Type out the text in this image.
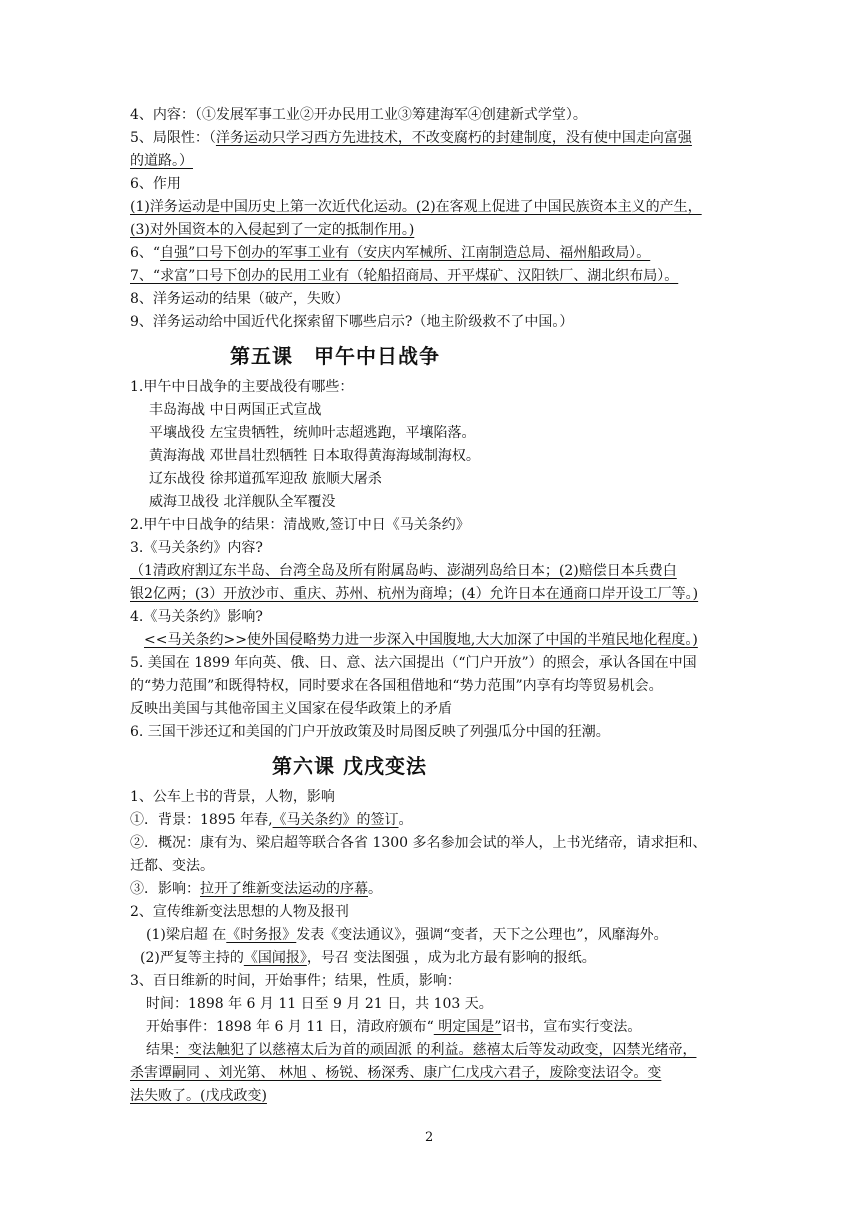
4、内容：（①发展军事工业②开办民用工业③筹建海军④创建新式学堂）。
5、局限性：（洋务运动只学习西方先进技术，不改变腐朽的封建制度，没有使中国走向富强
的道路。）
6、作用
(1)洋务运动是中国历史上第一次近代化运动。(2)在客观上促进了中国民族资本主义的产生，
(3)对外国资本的入侵起到了一定的抵制作用。)
6、“自强”口号下创办的军事工业有（安庆内军械所、江南制造总局、福州船政局）。
7、“求富”口号下创办的民用工业有（轮船招商局、开平煤矿、汉阳铁厂、湖北织布局）。
8、洋务运动的结果（破产，失败）
9、洋务运动给中国近代化探索留下哪些启示?（地主阶级救不了中国。）
第五课　甲午中日战争
1.甲午中日战争的主要战役有哪些：
丰岛海战 中日两国正式宣战
平壤战役 左宝贵牺牲，统帅叶志超逃跑，平壤陷落。
黄海海战 邓世昌壮烈牺牲 日本取得黄海海域制海权。
辽东战役 徐邦道孤军迎敌 旅顺大屠杀
威海卫战役 北洋舰队全军覆没
2.甲午中日战争的结果：清战败,签订中日《马关条约》
3.《马关条约》内容?
（1清政府割辽东半岛、台湾全岛及所有附属岛屿、澎湖列岛给日本；(2)赔偿日本兵费白
银2亿两；(3）开放沙市、重庆、苏州、杭州为商埠；(4）允许日本在通商口岸开设工厂等。)
4.《马关条约》影响?
<<马关条约>>使外国侵略势力进一步深入中国腹地,大大加深了中国的半殖民地化程度。)
5. 美国在 1899 年向英、俄、日、意、法六国提出（“门户开放”）的照会，承认各国在中国
的“势力范围”和既得特权，同时要求在各国租借地和“势力范围”内享有均等贸易机会。
反映出美国与其他帝国主义国家在侵华政策上的矛盾
6. 三国干涉还辽和美国的门户开放政策及时局图反映了列强瓜分中国的狂潮。
第六课 戊戌变法
1、公车上书的背景，人物，影响
①．背景：1895 年春,《马关条约》的签订。
②．概况：康有为、梁启超等联合各省 1300 多名参加会试的举人，上书光绪帝，请求拒和、
迁都、变法。
③．影响：拉开了维新变法运动的序幕。
2、宣传维新变法思想的人物及报刊
(1)梁启超 在《时务报》发表《变法通议》，强调“变者，天下之公理也”，风靡海外。
(2)严复等主持的《国闻报》，号召 变法图强 ，成为北方最有影响的报纸。
3、百日维新的时间，开始事件；结果，性质，影响：
时间：1898 年 6 月 11 日至 9 月 21 日，共 103 天。
开始事件：1898 年 6 月 11 日，清政府颁布“ 明定国是”诏书，宣布实行变法。
结果：变法触犯了以慈禧太后为首的顽固派 的利益。慈禧太后等发动政变，囚禁光绪帝，
杀害谭嗣同 、刘光第、 林旭 、杨锐、杨深秀、康广仁戊戌六君子，废除变法诏令。变
法失败了。(戊戌政变)
2
